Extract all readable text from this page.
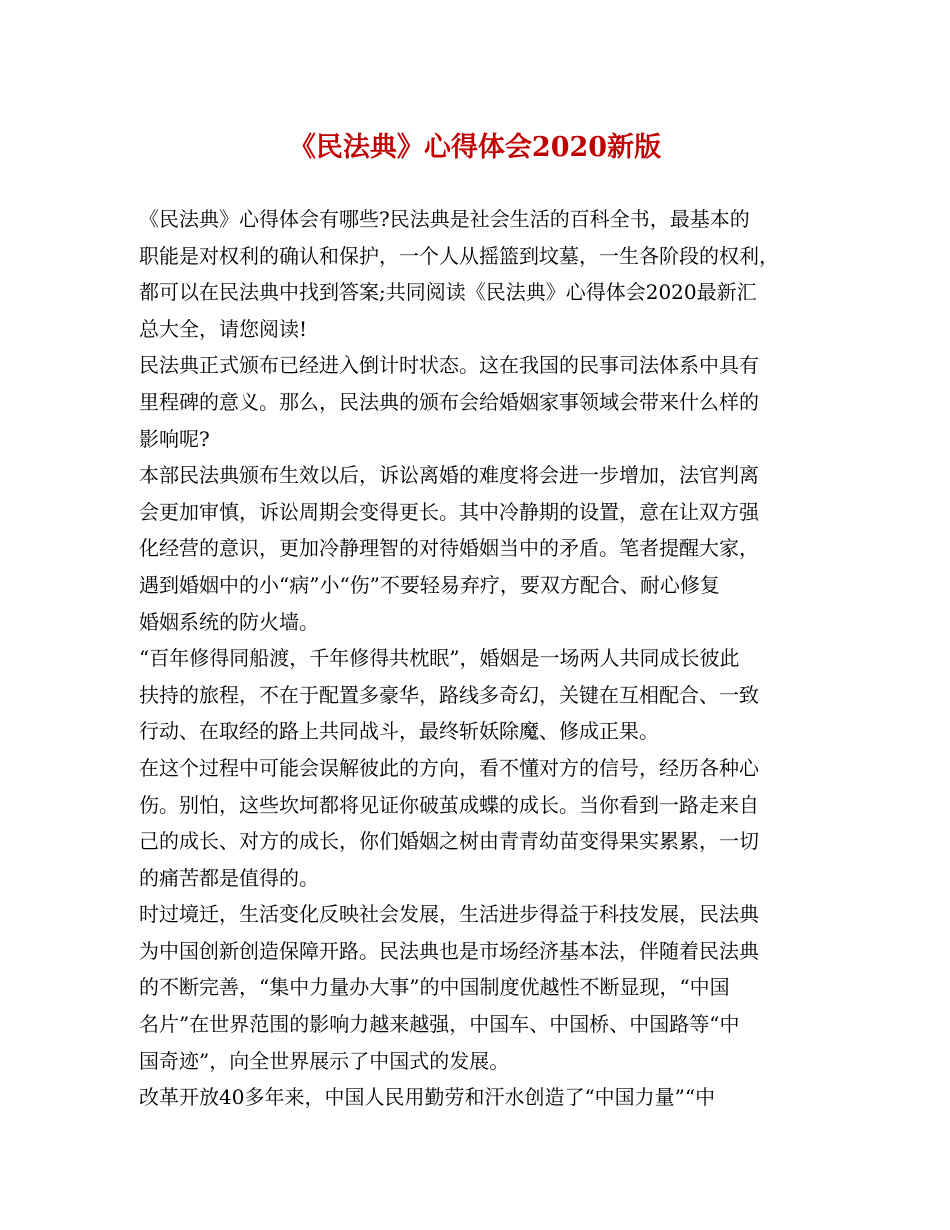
《民法典》心得体会2020新版

《民法典》心得体会有哪些?民法典是社会生活的百科全书，最基本的
职能是对权利的确认和保护，一个人从摇篮到坟墓，一生各阶段的权利，
都可以在民法典中找到答案;共同阅读《民法典》心得体会2020最新汇
总大全，请您阅读!

民法典正式颁布已经进入倒计时状态。这在我国的民事司法体系中具有
里程碑的意义。那么，民法典的颁布会给婚姻家事领域会带来什么样的
影响呢?

本部民法典颁布生效以后，诉讼离婚的难度将会进一步增加，法官判离
会更加审慎，诉讼周期会变得更长。其中冷静期的设置，意在让双方强
化经营的意识，更加冷静理智的对待婚姻当中的矛盾。笔者提醒大家，
遇到婚姻中的小“病”小“伤”不要轻易弃疗，要双方配合、耐心修复
婚姻系统的防火墙。

“百年修得同船渡，千年修得共枕眠”，婚姻是一场两人共同成长彼此
扶持的旅程，不在于配置多豪华，路线多奇幻，关键在互相配合、一致
行动、在取经的路上共同战斗，最终斩妖除魔、修成正果。

在这个过程中可能会误解彼此的方向，看不懂对方的信号，经历各种心
伤。别怕，这些坎坷都将见证你破茧成蝶的成长。当你看到一路走来自
己的成长、对方的成长，你们婚姻之树由青青幼苗变得果实累累，一切
的痛苦都是值得的。

时过境迁，生活变化反映社会发展，生活进步得益于科技发展，民法典
为中国创新创造保障开路。民法典也是市场经济基本法，伴随着民法典
的不断完善，“集中力量办大事”的中国制度优越性不断显现，“中国
名片”在世界范围的影响力越来越强，中国车、中国桥、中国路等“中
国奇迹”，向全世界展示了中国式的发展。

改革开放40多年来，中国人民用勤劳和汗水创造了“中国力量”“中
